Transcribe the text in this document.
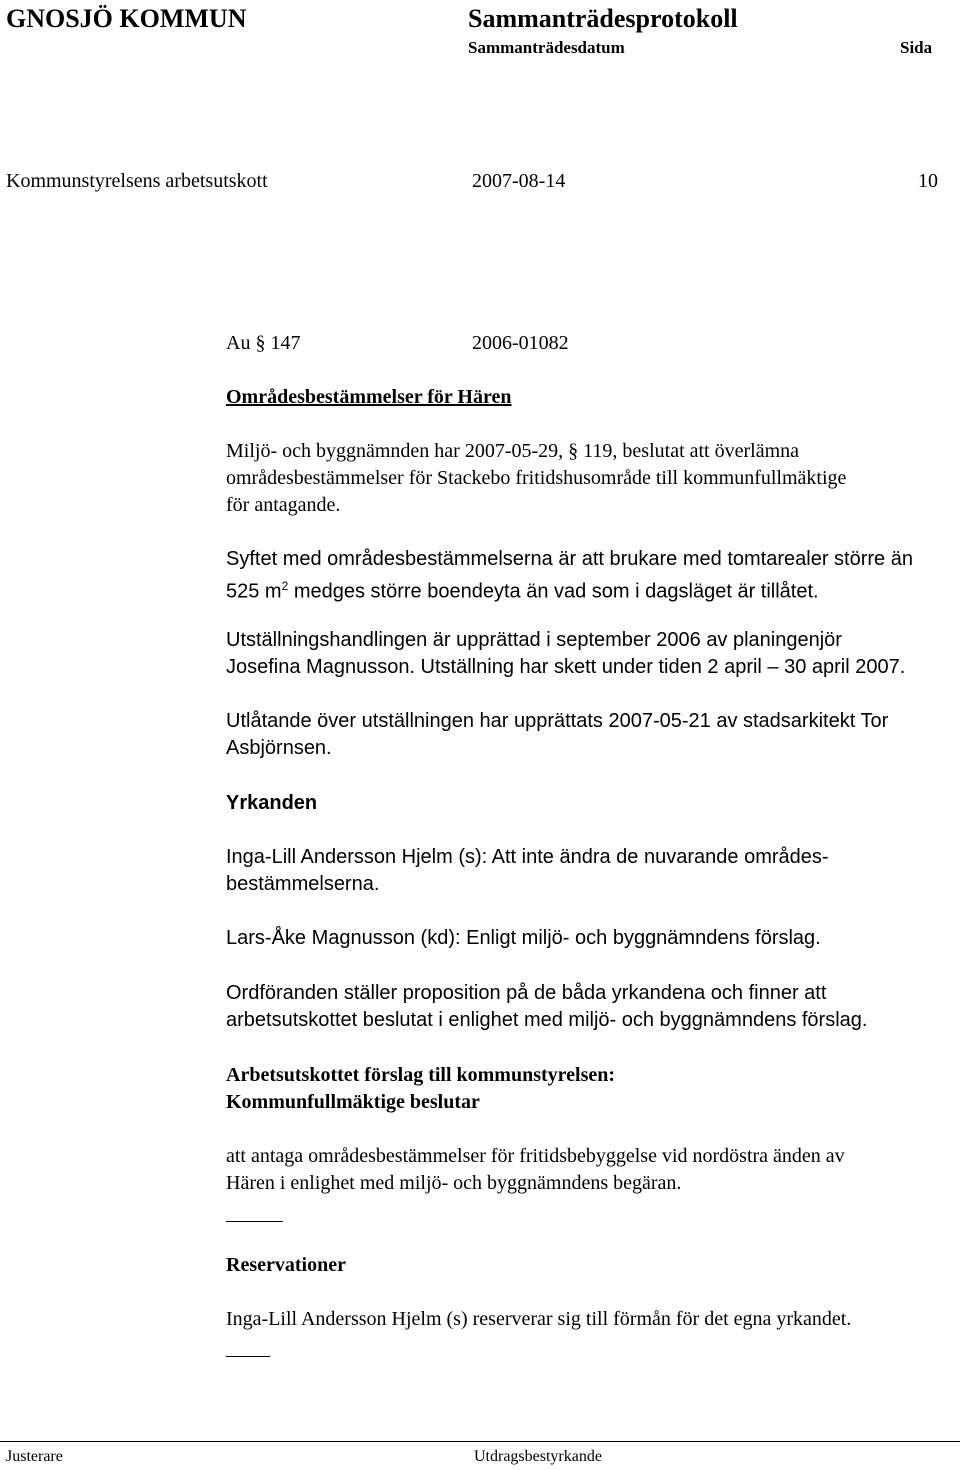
GNOSJÖ KOMMUN	Sammanträdesprotokoll
Sammanträdesdatum	Sida
Kommunstyrelsens arbetsutskott	2007-08-14	10
Au § 147	2006-01082
Områdesbestämmelser för Hären

Miljö- och byggnämnden har 2007-05-29, § 119, beslutat att överlämna

områdesbestämmelser för Stackebo fritidshusområde till kommunfullmäktige

för antagande.

Syftet med områdesbestämmelserna är att brukare med tomtarealer större än

525 $m^2$ medges större boendeyta än vad som i dagsläget är tillåtet.

Utställningshandlingen är upprättad i september 2006 av planingenjör

Josefina Magnusson. Utställning har skett under tiden 2 april – 30 april 2007.

Utlåtande över utställningen har upprättats 2007-05-21 av stadsarkitekt Tor

Asbjörnsen.

Yrkanden

Inga-Lill Andersson Hjelm (s): Att inte ändra de nuvarande områdes-

bestämmelserna.

Lars-Åke Magnusson (kd): Enligt miljö- och byggnämndens förslag.

Ordföranden ställer proposition på de båda yrkandena och finner att

arbetsutskottet beslutat i enlighet med miljö- och byggnämndens förslag.

Arbetsutskottet förslag till kommunstyrelsen:

Kommunfullmäktige beslutar

att antaga områdesbestämmelser för fritidsbebyggelse vid nordöstra änden av

Hären i enlighet med miljö- och byggnämndens begäran.

Reservationer

Inga-Lill Andersson Hjelm (s) reserverar sig till förmån för det egna yrkandet.

Justerare	Utdragsbestyrkande
